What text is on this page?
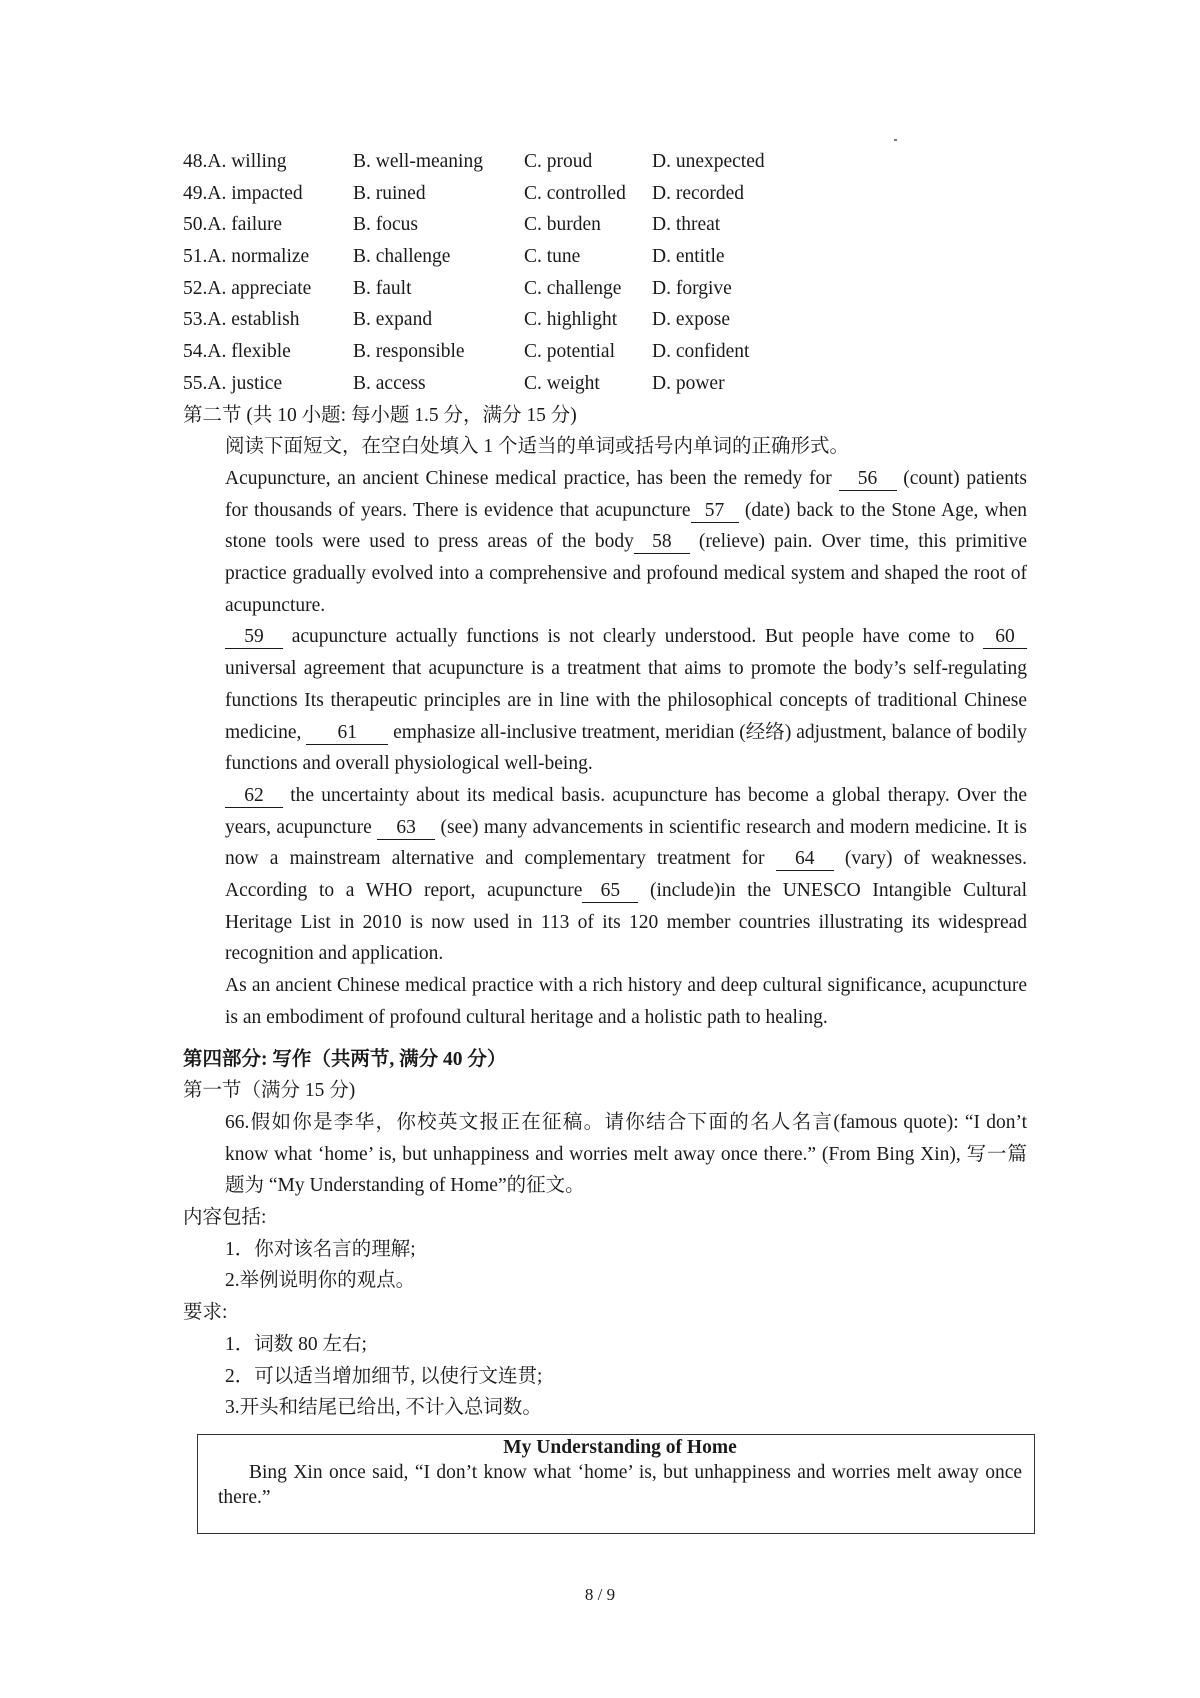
48.A. willing	B. well-meaning	C. proud	D. unexpected
49.A. impacted	B. ruined	C. controlled	D. recorded
50.A. failure	B. focus	C. burden	D. threat
51.A. normalize	B. challenge	C. tune	D. entitle
52.A. appreciate	B. fault	C. challenge	D. forgive
53.A. establish	B. expand	C. highlight	D. expose
54.A. flexible	B. responsible	C. potential	D. confident
55.A. justice	B. access	C. weight	D. power
第二节 (共 10 小题: 每小题 1.5 分，满分 15 分)
阅读下面短文，在空白处填入 1 个适当的单词或括号内单词的正确形式。
Acupuncture, an ancient Chinese medical practice, has been the remedy for 56 (count) patients for thousands of years. There is evidence that acupuncture 57 (date) back to the Stone Age, when stone tools were used to press areas of the body 58 (relieve) pain. Over time, this primitive practice gradually evolved into a comprehensive and profound medical system and shaped the root of acupuncture.
59 acupuncture actually functions is not clearly understood. But people have come to 60 universal agreement that acupuncture is a treatment that aims to promote the body’s self-regulating functions Its therapeutic principles are in line with the philosophical concepts of traditional Chinese medicine, 61 emphasize all-inclusive treatment, meridian (经络) adjustment, balance of bodily functions and overall physiological well-being.
62 the uncertainty about its medical basis. acupuncture has become a global therapy. Over the years, acupuncture 63 (see) many advancements in scientific research and modern medicine. It is now a mainstream alternative and complementary treatment for 64 (vary) of weaknesses. According to a WHO report, acupuncture 65 (include)in the UNESCO Intangible Cultural Heritage List in 2010 is now used in 113 of its 120 member countries illustrating its widespread recognition and application.
As an ancient Chinese medical practice with a rich history and deep cultural significance, acupuncture is an embodiment of profound cultural heritage and a holistic path to healing.
第四部分: 写作（共两节, 满分 40 分）
第一节（满分 15 分)
66.假如你是李华，你校英文报正在征稿。请你结合下面的名人名言(famous quote): “I don’t know what ‘home’ is, but unhappiness and worries melt away once there.” (From Bing Xin), 写一篇题为 “My Understanding of Home”的征文。
内容包括:
1．你对该名言的理解;
2.举例说明你的观点。
要求:
1．词数 80 左右;
2．可以适当增加细节, 以使行文连贯;
3.开头和结尾已给出, 不计入总词数。
My Understanding of Home
Bing Xin once said, “I don’t know what ‘home’ is, but unhappiness and worries melt away once there.”
8 / 9
